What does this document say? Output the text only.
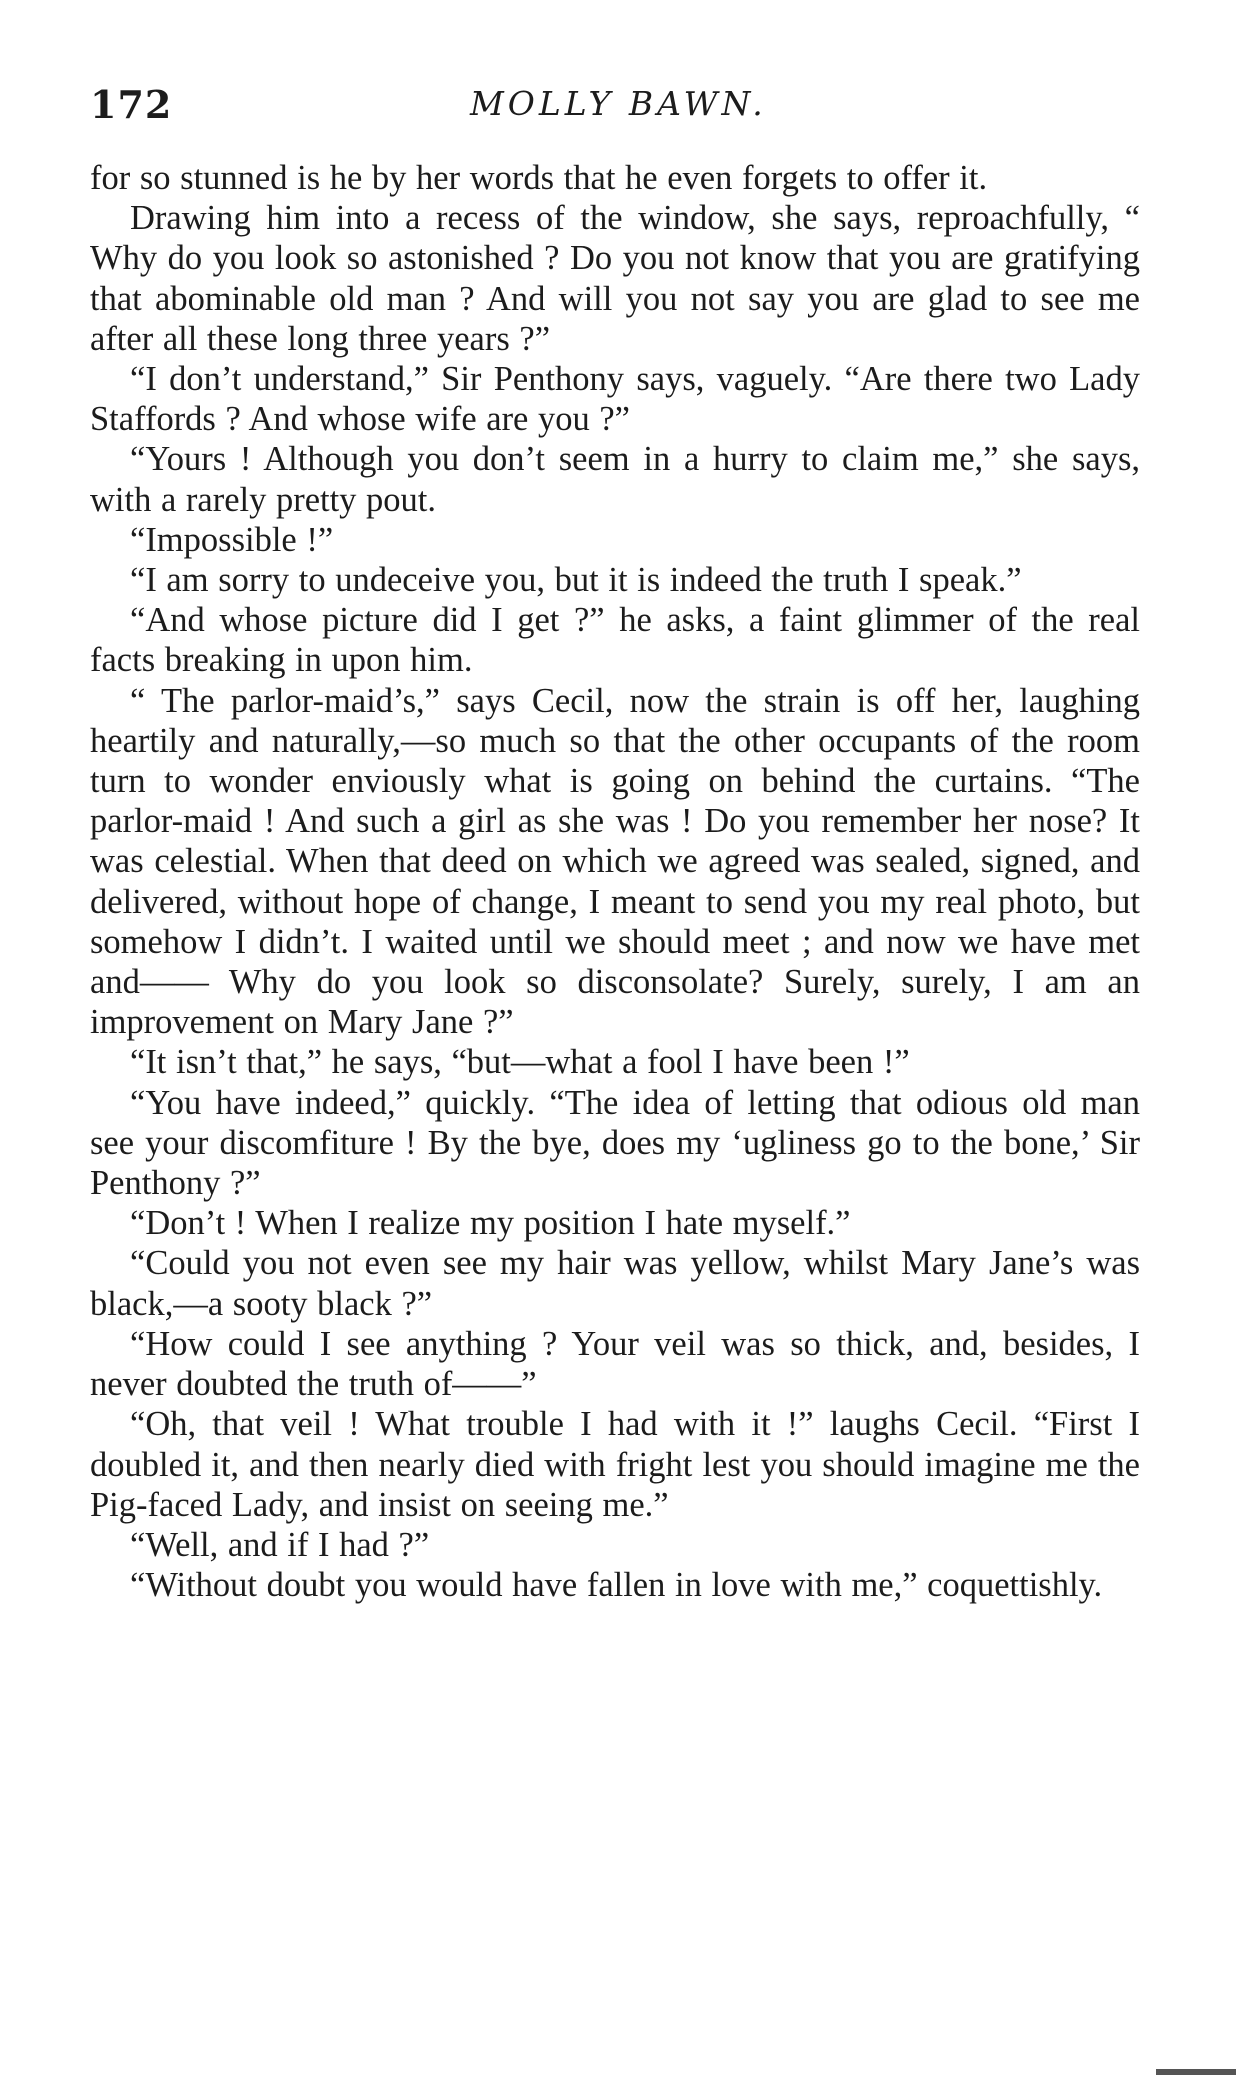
172	MOLLY BAWN.

for so stunned is he by her words that he even forgets to offer it.

Drawing him into a recess of the window, she says, reproachfully, “ Why do you look so astonished ? Do you not know that you are gratifying that abominable old man ? And will you not say you are glad to see me after all these long three years ?”

“I don’t understand,” Sir Penthony says, vaguely. “Are there two Lady Staffords ? And whose wife are you ?”

“Yours ! Although you don’t seem in a hurry to claim me,” she says, with a rarely pretty pout.

“Impossible !”

“I am sorry to undeceive you, but it is indeed the truth I speak.”

“And whose picture did I get ?” he asks, a faint glimmer of the real facts breaking in upon him.

“ The parlor-maid’s,” says Cecil, now the strain is off her, laughing heartily and naturally,—so much so that the other occupants of the room turn to wonder enviously what is going on behind the curtains. “The parlor-maid ! And such a girl as she was ! Do you remember her nose? It was celestial. When that deed on which we agreed was sealed, signed, and delivered, without hope of change, I meant to send you my real photo, but somehow I didn’t. I waited until we should meet ; and now we have met and—— Why do you look so disconsolate? Surely, surely, I am an improvement on Mary Jane ?”

“It isn’t that,” he says, “but—what a fool I have been !”

“You have indeed,” quickly. “The idea of letting that odious old man see your discomfiture ! By the bye, does my ‘ugliness go to the bone,’ Sir Penthony ?”

“Don’t ! When I realize my position I hate myself.”

“Could you not even see my hair was yellow, whilst Mary Jane’s was black,—a sooty black ?”

“How could I see anything ? Your veil was so thick, and, besides, I never doubted the truth of——”

“Oh, that veil ! What trouble I had with it !” laughs Cecil. “First I doubled it, and then nearly died with fright lest you should imagine me the Pig-faced Lady, and insist on seeing me.”

“Well, and if I had ?”

“Without doubt you would have fallen in love with me,” coquettishly.
